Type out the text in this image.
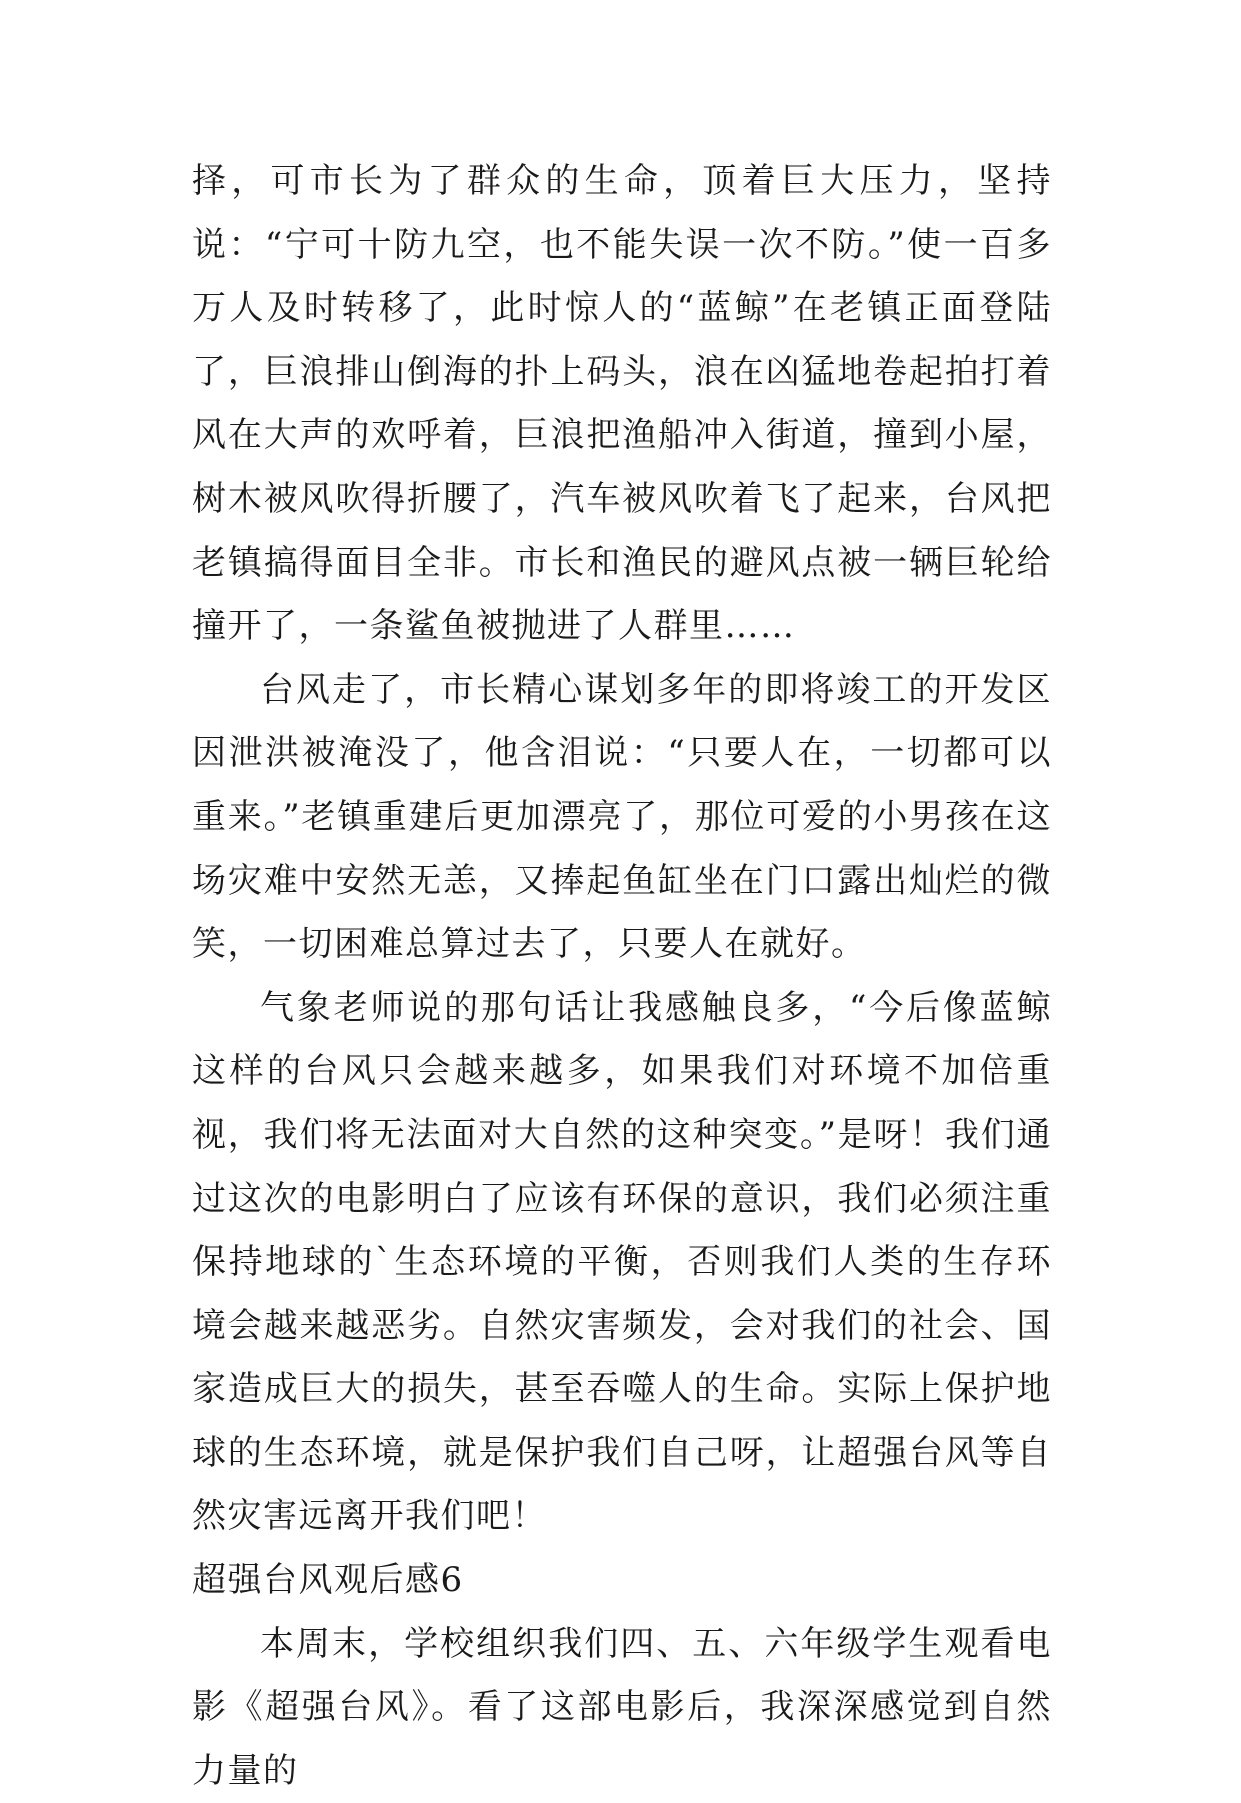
择，可市长为了群众的生命，顶着巨大压力，坚持说：“宁可十防九空，也不能失误一次不防。”使一百多万人及时转移了，此时惊人的“蓝鲸”在老镇正面登陆了，巨浪排山倒海的扑上码头，浪在凶猛地卷起拍打着风在大声的欢呼着，巨浪把渔船冲入街道，撞到小屋，树木被风吹得折腰了，汽车被风吹着飞了起来，台风把老镇搞得面目全非。市长和渔民的避风点被一辆巨轮给撞开了，一条鲨鱼被抛进了人群里……

台风走了，市长精心谋划多年的即将竣工的开发区因泄洪被淹没了，他含泪说：“只要人在，一切都可以重来。”老镇重建后更加漂亮了，那位可爱的小男孩在这场灾难中安然无恙，又捧起鱼缸坐在门口露出灿烂的微笑，一切困难总算过去了，只要人在就好。

气象老师说的那句话让我感触良多，“今后像蓝鲸这样的台风只会越来越多，如果我们对环境不加倍重视，我们将无法面对大自然的这种突变。”是呀！我们通过这次的电影明白了应该有环保的意识，我们必须注重保持地球的`生态环境的平衡，否则我们人类的生存环境会越来越恶劣。自然灾害频发，会对我们的社会、国家造成巨大的损失，甚至吞噬人的生命。实际上保护地球的生态环境，就是保护我们自己呀，让超强台风等自然灾害远离开我们吧！

超强台风观后感6

本周末，学校组织我们四、五、六年级学生观看电影《超强台风》。看了这部电影后，我深深感觉到自然力量的
